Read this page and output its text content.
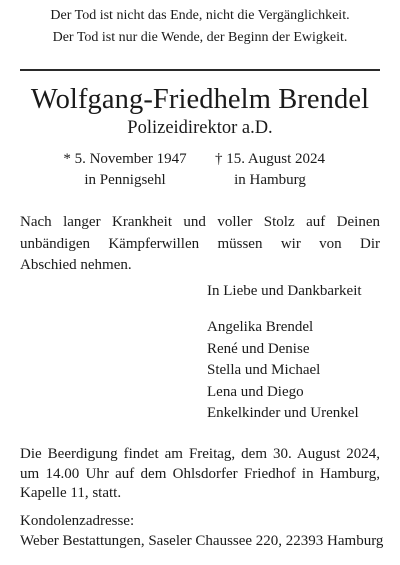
Der Tod ist nicht das Ende, nicht die Vergänglichkeit.
Der Tod ist nur die Wende, der Beginn der Ewigkeit.
Wolfgang-Friedhelm Brendel
Polizeidirektor a.D.
* 5. November 1947
in Pennigsehl
† 15. August 2024
in Hamburg
Nach langer Krankheit und voller Stolz auf Deinen
unbändigen Kämpferwillen müssen wir von Dir
Abschied nehmen.
In Liebe und Dankbarkeit
Angelika Brendel
René und Denise
Stella und Michael
Lena und Diego
Enkelkinder und Urenkel
Die Beerdigung findet am Freitag, dem 30. August 2024,
um 14.00 Uhr auf dem Ohlsdorfer Friedhof in Hamburg,
Kapelle 11, statt.
Kondolenzadresse:
Weber Bestattungen, Saseler Chaussee 220, 22393 Hamburg
